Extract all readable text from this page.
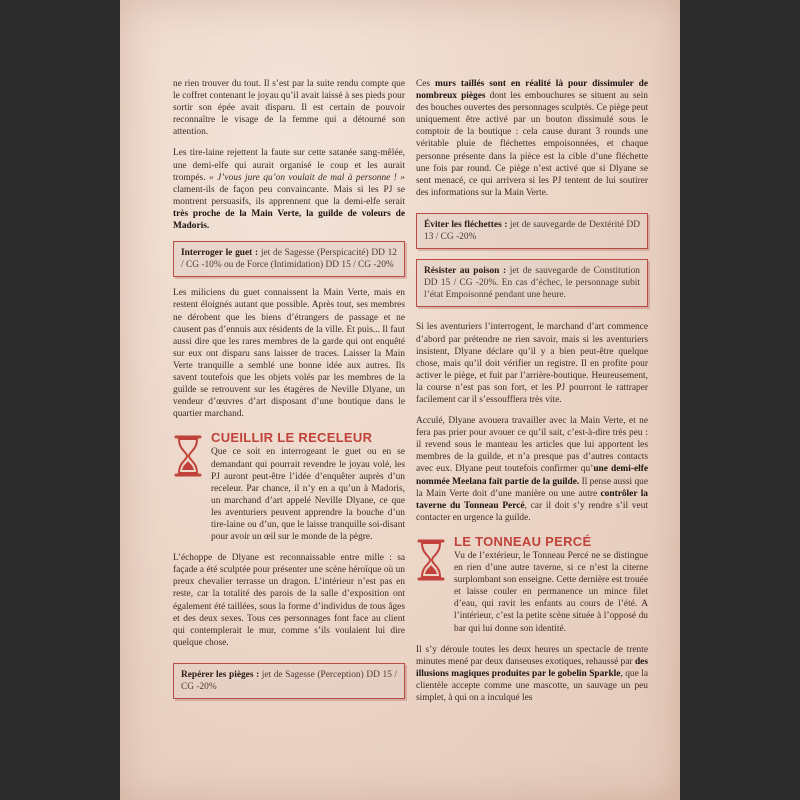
ne rien trouver du tout. Il s’est par la suite rendu compte que le coffret contenant le joyau qu’il avait laissé à ses pieds pour sortir son épée avait disparu. Il est certain de pouvoir reconnaître le visage de la femme qui a détourné son attention.

Les tire-laine rejettent la faute sur cette satanée sang-mêlée, une demi-elfe qui aurait organisé le coup et les aurait trompés. « J’vous jure qu’on voulait de mal à personne ! » clament-ils de façon peu convaincante. Mais si les PJ se montrent persuasifs, ils apprennent que la demi-elfe serait très proche de la Main Verte, la guilde de voleurs de Madoris.

Interroger le guet : jet de Sagesse (Perspicacité) DD 12 / CG -10% ou de Force (Intimidation) DD 15 / CG -20%

Les miliciens du guet connaissent la Main Verte, mais en restent éloignés autant que possible. Après tout, ses membres ne dérobent que les biens d’étrangers de passage et ne causent pas d’ennuis aux résidents de la ville. Et puis... Il faut aussi dire que les rares membres de la garde qui ont enquêté sur eux ont disparu sans laisser de traces. Laisser la Main Verte tranquille a semblé une bonne idée aux autres. Ils savent toutefois que les objets volés par les membres de la guilde se retrouvent sur les étagères de Neville Dlyane, un vendeur d’œuvres d’art disposant d’une boutique dans le quartier marchand.

CUEILLIR LE RECELEUR

Que ce soit en interrogeant le guet ou en se demandant qui pourrait revendre le joyau volé, les PJ auront peut-être l’idée d’enquêter auprès d’un receleur. Par chance, il n’y en a qu’un à Madoris, un marchand d’art appelé Neville Dlyane, ce que les aventuriers peuvent apprendre la bouche d’un tire-laine ou d’un, que le laisse tranquille soi-disant pour avoir un œil sur le monde de la pègre.

L’échoppe de Dlyane est reconnaissable entre mille : sa façade a été sculptée pour présenter une scène héroïque où un preux chevalier terrasse un dragon. L’intérieur n’est pas en reste, car la totalité des parois de la salle d’exposition ont également été taillées, sous la forme d’individus de tous âges et des deux sexes. Tous ces personnages font face au client qui contemplerait le mur, comme s’ils voulaient lui dire quelque chose.

Repérer les pièges : jet de Sagesse (Perception) DD 15 / CG -20%

Ces murs taillés sont en réalité là pour dissimuler de nombreux pièges dont les embouchures se situent au sein des bouches ouvertes des personnages sculptés. Ce piège peut uniquement être activé par un bouton dissimulé sous le comptoir de la boutique : cela cause durant 3 rounds une véritable pluie de fléchettes empoisonnées, et chaque personne présente dans la pièce est la cible d’une fléchette une fois par round. Ce piège n’est activé que si Dlyane se sent menacé, ce qui arrivera si les PJ tentent de lui soutirer des informations sur la Main Verte.

Éviter les fléchettes : jet de sauvegarde de Dextérité DD 13 / CG -20%
Résister au poison : jet de sauvegarde de Constitution DD 15 / CG -20%. En cas d’échec, le personnage subit l’état Empoisonné pendant une heure.

Si les aventuriers l’interrogent, le marchand d’art commence d’abord par prétendre ne rien savoir, mais si les aventuriers insistent, Dlyane déclare qu’il y a bien peut-être quelque chose, mais qu’il doit vérifier un registre. Il en profite pour activer le piège, et fuit par l’arrière-boutique. Heureusement, la course n’est pas son fort, et les PJ pourront le rattraper facilement car il s’essoufflera très vite.

Acculé, Dlyane avouera travailler avec la Main Verte, et ne fera pas prier pour avouer ce qu’il sait, c’est-à-dire très peu : il revend sous le manteau les articles que lui apportent les membres de la guilde, et n’a presque pas d’autres contacts avec eux. Dlyane peut toutefois confirmer qu’une demi-elfe nommée Meelana fait partie de la guilde. Il pense aussi que la Main Verte doit d’une manière ou une autre contrôler la taverne du Tonneau Percé, car il doit s’y rendre s’il veut contacter en urgence la guilde.

LE TONNEAU PERCÉ

Vu de l’extérieur, le Tonneau Percé ne se distingue en rien d’une autre taverne, si ce n’est la citerne surplombant son enseigne. Cette dernière est trouée et laisse couler en permanence un mince filet d’eau, qui ravit les enfants au cours de l’été. A l’intérieur, c’est la petite scène située à l’opposé du bar qui lui donne son identité.

Il s’y déroule toutes les deux heures un spectacle de trente minutes mené par deux danseuses exotiques, rehaussé par des illusions magiques produites par le gobelin Sparkle, que la clientèle accepte comme une mascotte, un sauvage un peu simplet, à qui on a inculqué les
